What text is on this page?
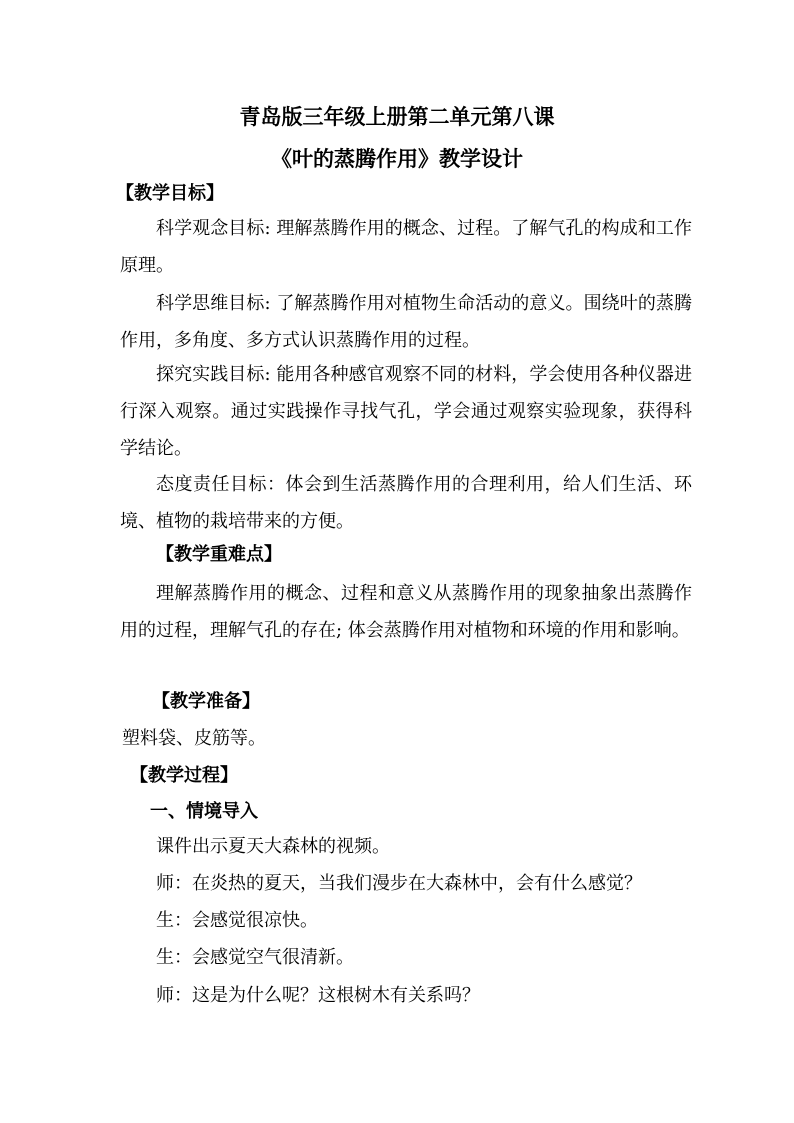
青岛版三年级上册第二单元第八课
《叶的蒸腾作用》教学设计
【教学目标】
科学观念目标: 理解蒸腾作用的概念、过程。了解气孔的构成和工作原理。
科学思维目标: 了解蒸腾作用对植物生命活动的意义。围绕叶的蒸腾作用，多角度、多方式认识蒸腾作用的过程。
探究实践目标: 能用各种感官观察不同的材料，学会使用各种仪器进行深入观察。通过实践操作寻找气孔，学会通过观察实验现象，获得科学结论。
态度责任目标：体会到生活蒸腾作用的合理利用，给人们生活、环境、植物的栽培带来的方便。
【教学重难点】
理解蒸腾作用的概念、过程和意义从蒸腾作用的现象抽象出蒸腾作用的过程，理解气孔的存在; 体会蒸腾作用对植物和环境的作用和影响。
【教学准备】
塑料袋、皮筋等。
【教学过程】
一、情境导入
课件出示夏天大森林的视频。
师：在炎热的夏天，当我们漫步在大森林中，会有什么感觉？
生：会感觉很凉快。
生：会感觉空气很清新。
师：这是为什么呢？这根树木有关系吗？
